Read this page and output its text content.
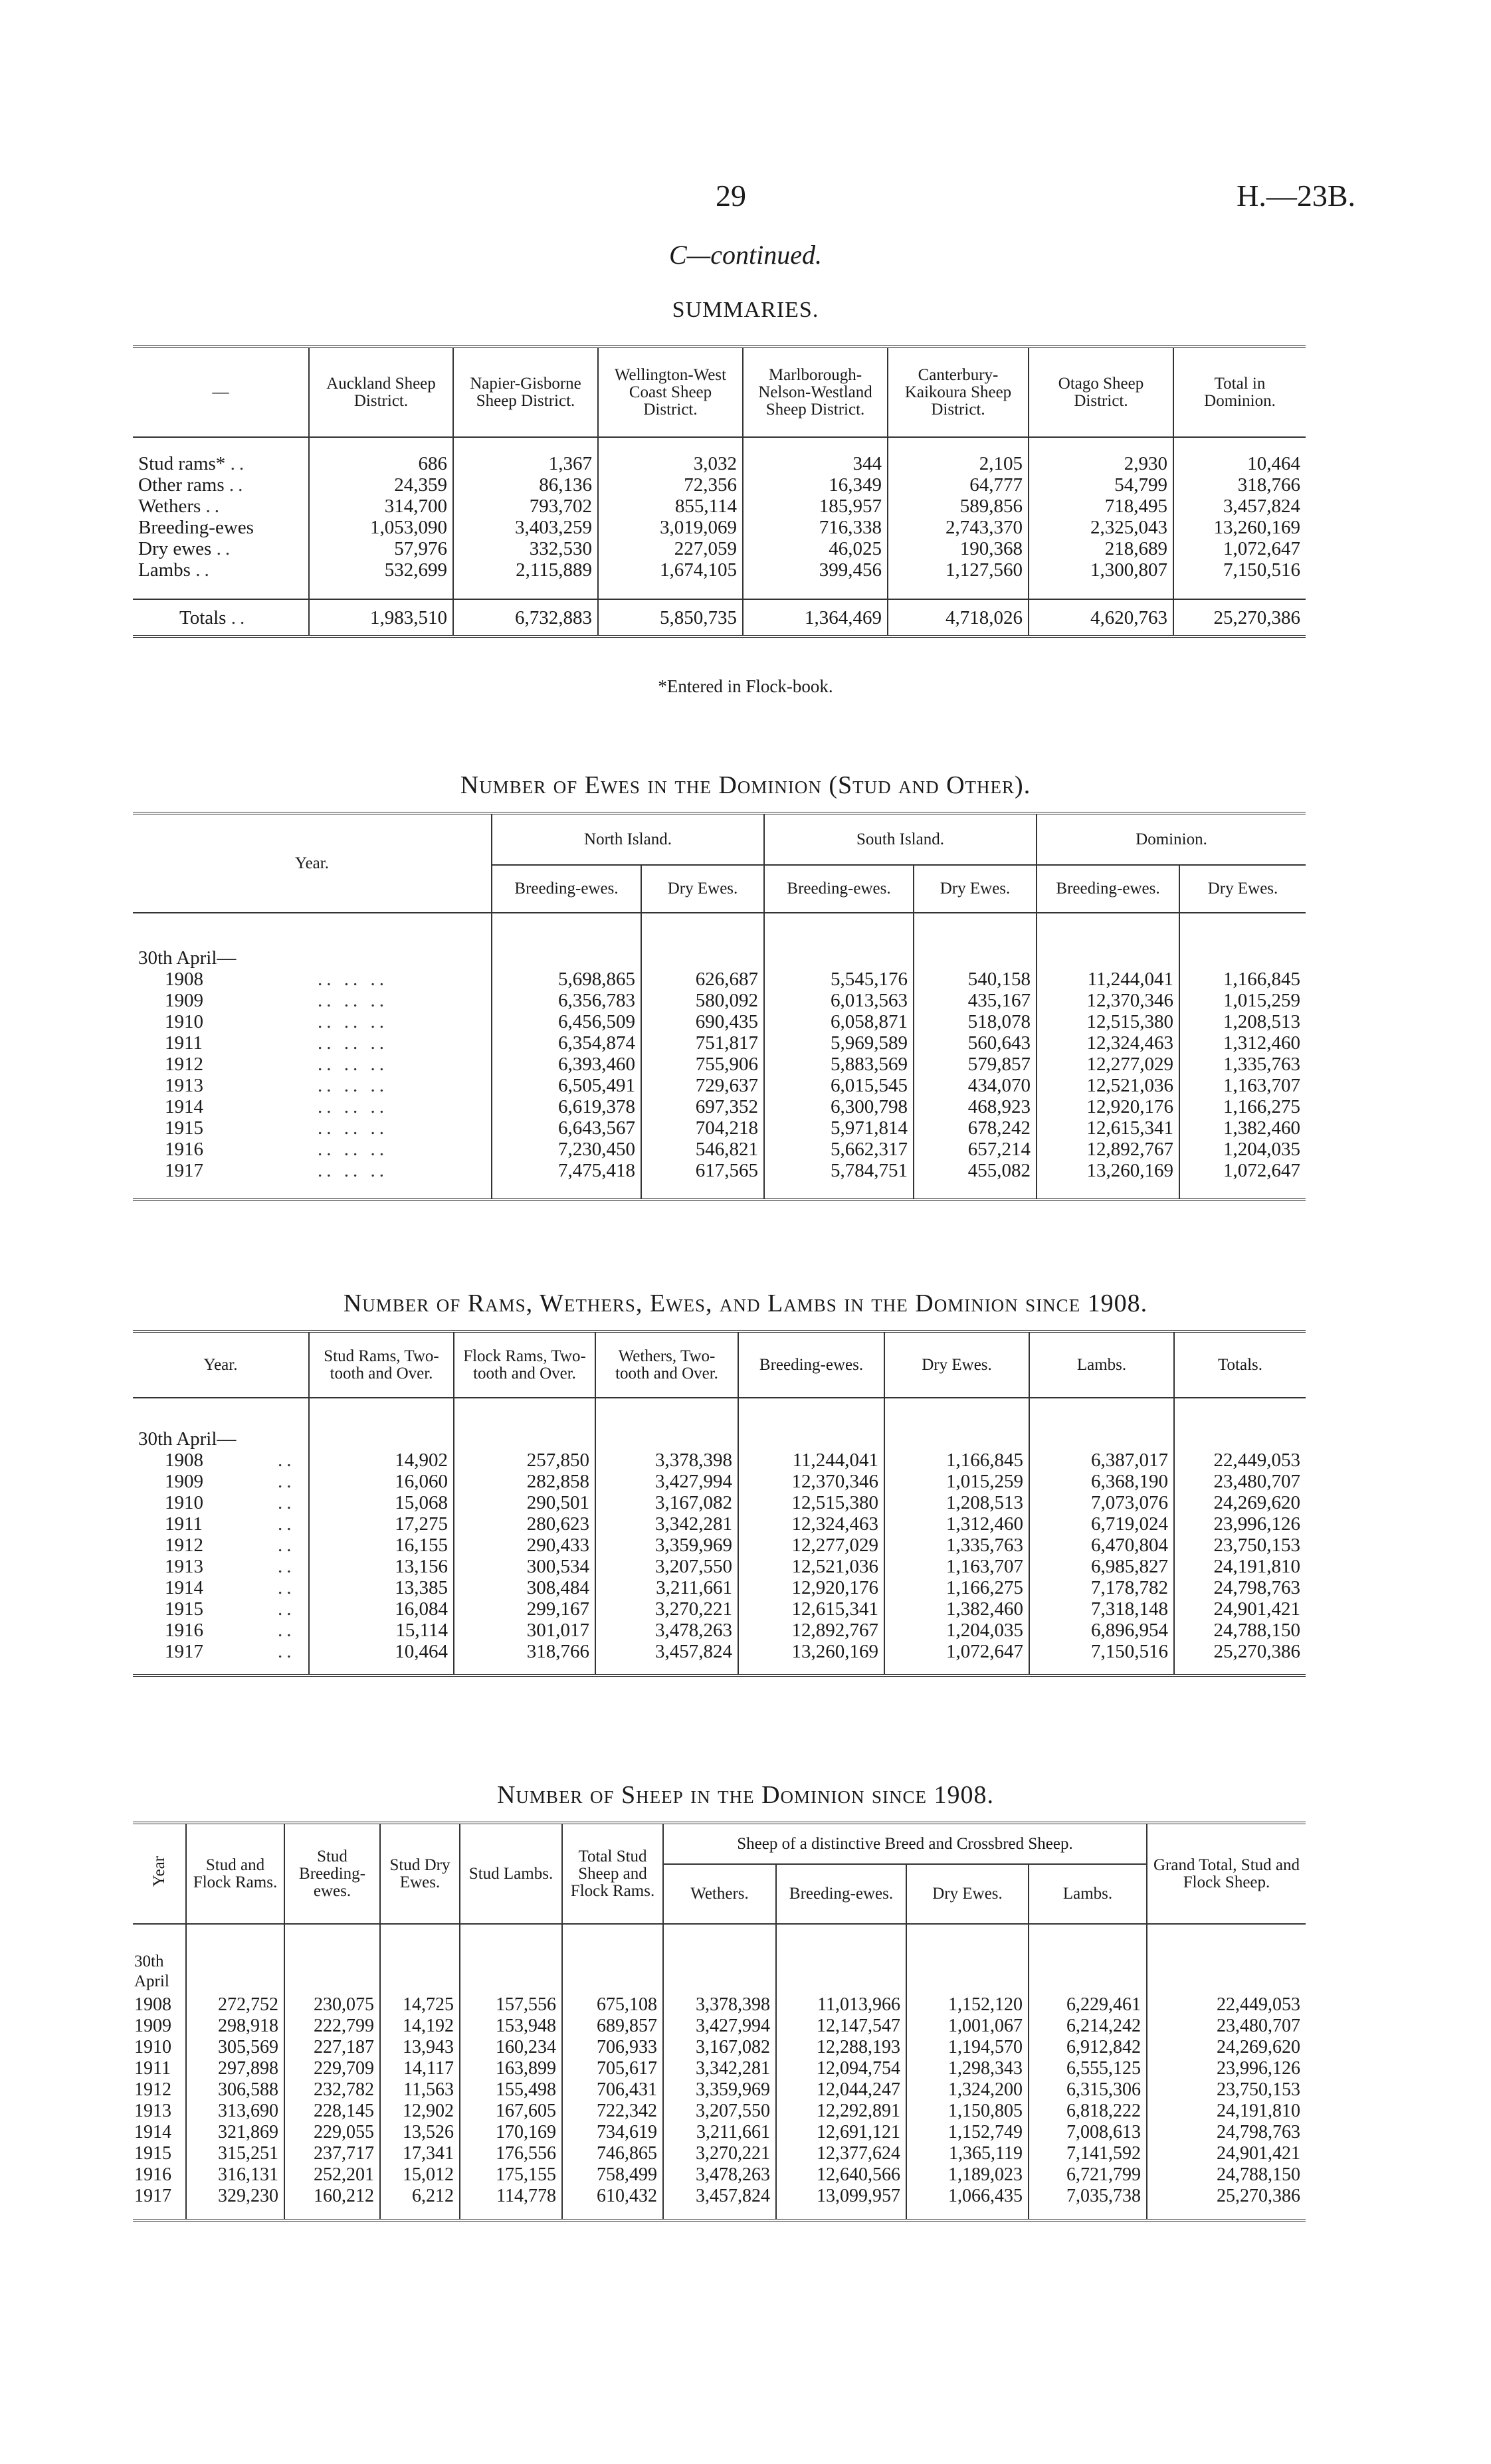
29	H.—23B.
C—continued.
SUMMARIES.
—	Auckland Sheep District.	Napier-Gisborne Sheep District.	Wellington-West Coast Sheep District.	Marlborough-Nelson-Westland Sheep District.	Canterbury-Kaikoura Sheep District.	Otago Sheep District.	Total in Dominion.

Stud rams* ..	686	1,367	3,032	344	2,105	2,930	10,464
Other rams ..	24,359	86,136	72,356	16,349	64,777	54,799	318,766
Wethers ..	314,700	793,702	855,114	185,957	589,856	718,495	3,457,824
Breeding-ewes	1,053,090	3,403,259	3,019,069	716,338	2,743,370	2,325,043	13,260,169
Dry ewes ..	57,976	332,530	227,059	46,025	190,368	218,689	1,072,647
Lambs ..	532,699	2,115,889	1,674,105	399,456	1,127,560	1,300,807	7,150,516

Totals ..	1,983,510	6,732,883	5,850,735	1,364,469	4,718,026	4,620,763	25,270,386
*Entered in Flock-book.
Number of Ewes in the Dominion (Stud and Other).
Year.	North Island.		South Island.		Dominion.	
	Breeding-ewes.	Dry Ewes.	Breeding-ewes.	Dry Ewes.	Breeding-ewes.	Dry Ewes.

30th April—						
1908 .. .. ..	5,698,865	626,687	5,545,176	540,158	11,244,041	1,166,845
1909 .. .. ..	6,356,783	580,092	6,013,563	435,167	12,370,346	1,015,259
1910 .. .. ..	6,456,509	690,435	6,058,871	518,078	12,515,380	1,208,513
1911 .. .. ..	6,354,874	751,817	5,969,589	560,643	12,324,463	1,312,460
1912 .. .. ..	6,393,460	755,906	5,883,569	579,857	12,277,029	1,335,763
1913 .. .. ..	6,505,491	729,637	6,015,545	434,070	12,521,036	1,163,707
1914 .. .. ..	6,619,378	697,352	6,300,798	468,923	12,920,176	1,166,275
1915 .. .. ..	6,643,567	704,218	5,971,814	678,242	12,615,341	1,382,460
1916 .. .. ..	7,230,450	546,821	5,662,317	657,214	12,892,767	1,204,035
1917 .. .. ..	7,475,418	617,565	5,784,751	455,082	13,260,169	1,072,647

Number of Rams, Wethers, Ewes, and Lambs in the Dominion since 1908.
Year.	Stud Rams, Two-tooth and Over.	Flock Rams, Two-tooth and Over.	Wethers, Two-tooth and Over.	Breeding-ewes.	Dry Ewes.	Lambs.	Totals.

30th April—							
1908 ..	14,902	257,850	3,378,398	11,244,041	1,166,845	6,387,017	22,449,053
1909 ..	16,060	282,858	3,427,994	12,370,346	1,015,259	6,368,190	23,480,707
1910 ..	15,068	290,501	3,167,082	12,515,380	1,208,513	7,073,076	24,269,620
1911 ..	17,275	280,623	3,342,281	12,324,463	1,312,460	6,719,024	23,996,126
1912 ..	16,155	290,433	3,359,969	12,277,029	1,335,763	6,470,804	23,750,153
1913 ..	13,156	300,534	3,207,550	12,521,036	1,163,707	6,985,827	24,191,810
1914 ..	13,385	308,484	3,211,661	12,920,176	1,166,275	7,178,782	24,798,763
1915 ..	16,084	299,167	3,270,221	12,615,341	1,382,460	7,318,148	24,901,421
1916 ..	15,114	301,017	3,478,263	12,892,767	1,204,035	6,896,954	24,788,150
1917 ..	10,464	318,766	3,457,824	13,260,169	1,072,647	7,150,516	25,270,386

Number of Sheep in the Dominion since 1908.
Year	Stud and Flock Rams.	Stud Breeding-ewes.	Stud Dry Ewes.	Stud Lambs.	Total Stud Sheep and Flock Rams.	Sheep of a distinctive Breed and Crossbred Sheep.				Grand Total, Stud and Flock Sheep.
						Wethers.	Breeding-ewes.	Dry Ewes.	Lambs.	

30th April										
1908	272,752	230,075	14,725	157,556	675,108	3,378,398	11,013,966	1,152,120	6,229,461	22,449,053
1909	298,918	222,799	14,192	153,948	689,857	3,427,994	12,147,547	1,001,067	6,214,242	23,480,707
1910	305,569	227,187	13,943	160,234	706,933	3,167,082	12,288,193	1,194,570	6,912,842	24,269,620
1911	297,898	229,709	14,117	163,899	705,617	3,342,281	12,094,754	1,298,343	6,555,125	23,996,126
1912	306,588	232,782	11,563	155,498	706,431	3,359,969	12,044,247	1,324,200	6,315,306	23,750,153
1913	313,690	228,145	12,902	167,605	722,342	3,207,550	12,292,891	1,150,805	6,818,222	24,191,810
1914	321,869	229,055	13,526	170,169	734,619	3,211,661	12,691,121	1,152,749	7,008,613	24,798,763
1915	315,251	237,717	17,341	176,556	746,865	3,270,221	12,377,624	1,365,119	7,141,592	24,901,421
1916	316,131	252,201	15,012	175,155	758,499	3,478,263	12,640,566	1,189,023	6,721,799	24,788,150
1917	329,230	160,212	6,212	114,778	610,432	3,457,824	13,099,957	1,066,435	7,035,738	25,270,386
